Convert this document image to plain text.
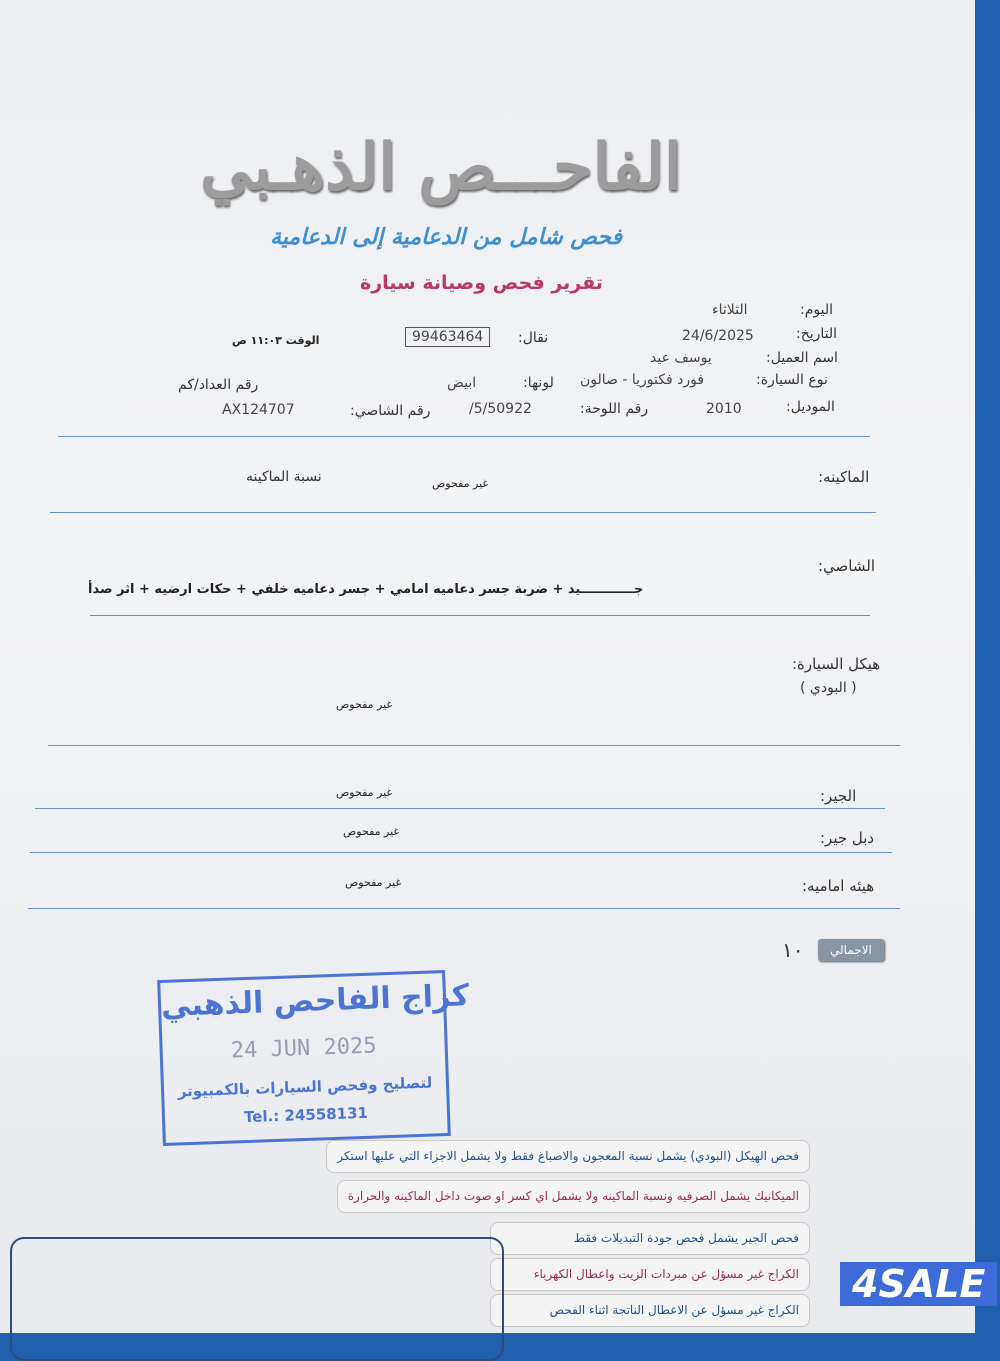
الفاحـــص الذهـبي
فحص شامل من الدعامية إلى الدعامية
تقرير فحص وصيانة سيارة
اليوم:
الثلاثاء
التاريخ:
24/6/2025
نقال:
99463464
الوقت ١١:٠٣ ص
اسم العميل:
يوسف عيد
نوع السيارة:
فورد فكتوريا - صالون
لونها:
ابيض
رقم العداد/كم
الموديل:
2010
رقم اللوحة:
/5/50922
رقم الشاصي:
AX124707
الماكينه:
غير مفحوص
نسبة الماكينه
الشاصي:
جــــــــــــيد + ضربة جسر دعاميه امامي + جسر دعاميه خلفي + حكات ارضيه + اثر صدأ
هيكل السيارة:
( البودي )
غير مفحوص
الجير:
غير مفحوص
دبل جير:
غير مفحوص
هيئه اماميه:
غير مفحوص
الاجمالي
١٠
كراج الفاحص الذهبي
24 JUN 2025
لتصليح وفحص السيارات بالكمبيوتر
Tel.: 24558131
فحص الهيكل (البودي) يشمل نسبة المعجون والاصباغ فقط ولا يشمل الاجزاء التي عليها استكر
الميكانيك يشمل الصرفيه ونسبة الماكينه ولا يشمل اي كسر او صوت داخل الماكينه والحرارة
فحص الجير يشمل فحص جودة التبديلات فقط
الكراج غير مسؤل عن مبردات الزيت واعطال الكهرباء
الكراج غير مسؤل عن الاعطال الناتجة اثناء الفحص
4SALE
